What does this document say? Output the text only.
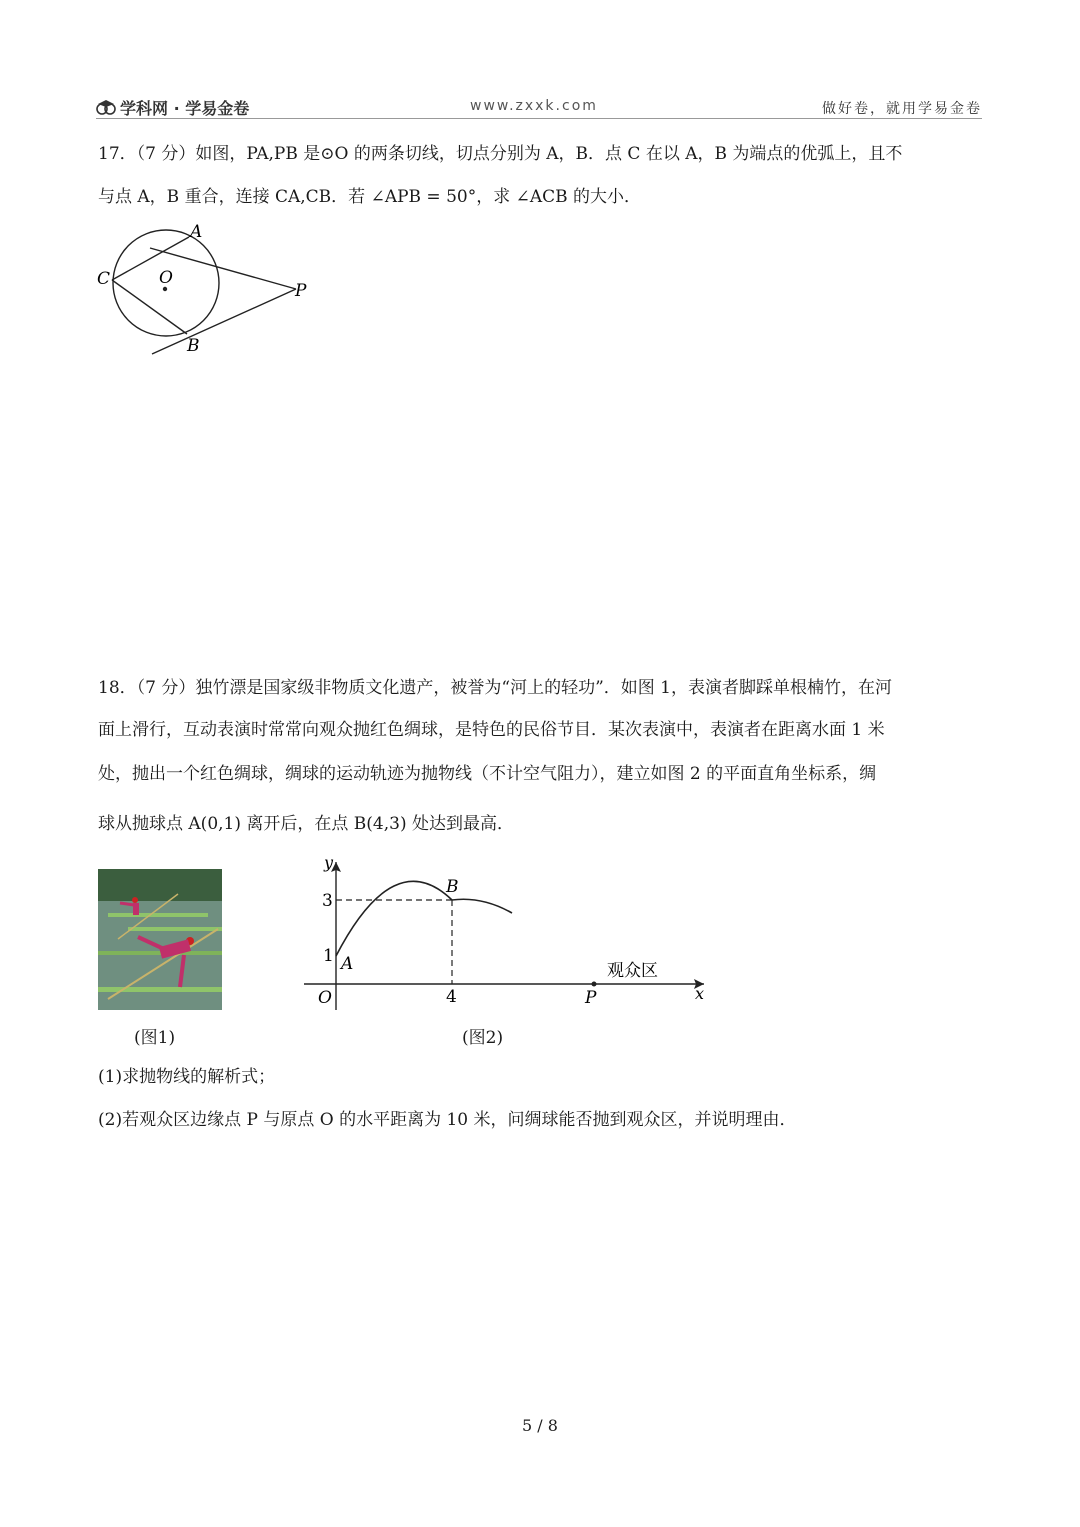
学科网 · 学易金卷	www.zxxk.com	做好卷，就用学易金卷
17．（7 分）如图，PA,PB 是⊙O 的两条切线，切点分别为 A，B．点 C 在以 A，B 为端点的优弧上，且不
与点 A，B 重合，连接 CA,CB．若 ∠APB = 50°，求 ∠ACB 的大小．
A
B
C	O
P
18．（7 分）独竹漂是国家级非物质文化遗产，被誉为“河上的轻功”．如图 1，表演者脚踩单根楠竹，在河
面上滑行，互动表演时常常向观众抛红色绸球，是特色的民俗节目．某次表演中，表演者在距离水面 1 米
处，抛出一个红色绸球，绸球的运动轨迹为抛物线（不计空气阻力），建立如图 2 的平面直角坐标系，绸
球从抛球点 A(0,1) 离开后，在点 B(4,3) 处达到最高．
(图1)
y
x
O
3
1
4
A
B
P
观众区
(图2)
(1)求抛物线的解析式；
(2)若观众区边缘点 P 与原点 O 的水平距离为 10 米，问绸球能否抛到观众区，并说明理由．
5 / 8
